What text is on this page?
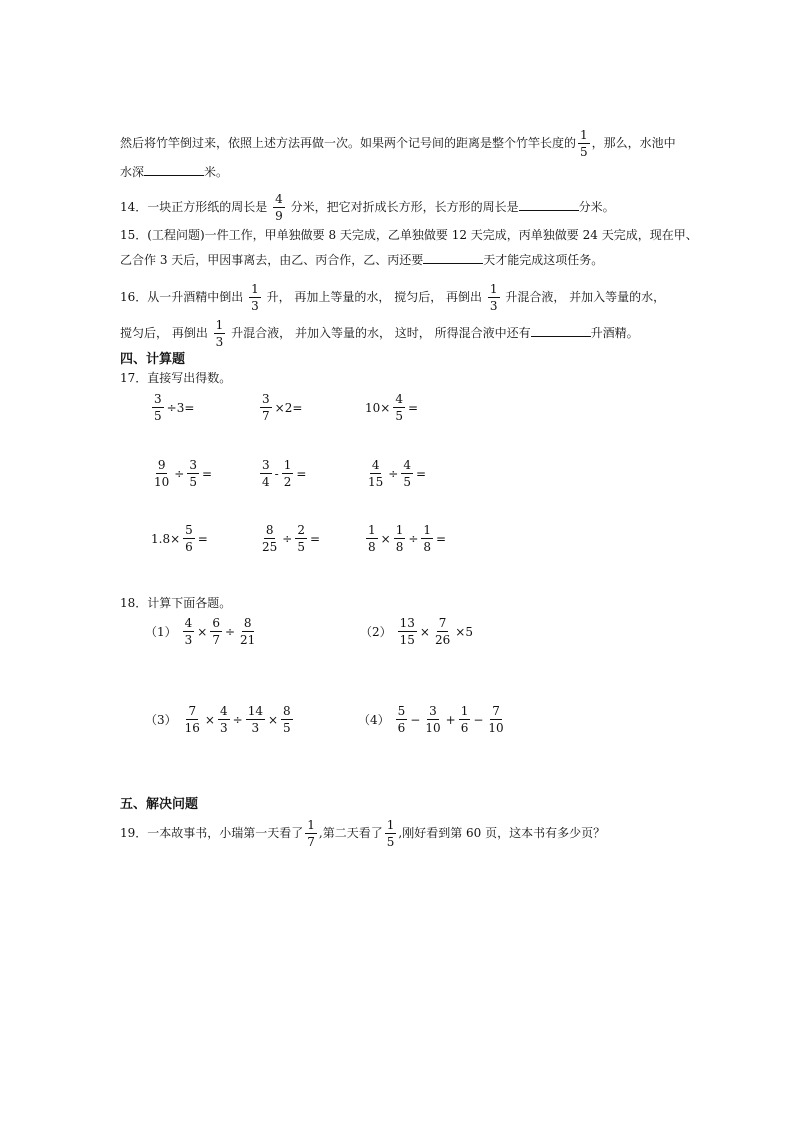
然后将竹竿倒过来，依照上述方法再做一次。如果两个记号间的距离是整个竹竿长度的 $\frac{1}{5}$ ，那么，水池中
水深	米。
14．一块正方形纸的周长是 $\frac{4}{9}$ 分米，把它对折成长方形，长方形的周长是	分米。
15．(工程问题)一件工作，甲单独做要 8 天完成，乙单独做要 12 天完成，丙单独做要 24 天完成，现在甲、
乙合作 3 天后，甲因事离去，由乙、丙合作，乙、丙还要	天才能完成这项任务。
16．从一升酒精中倒出 $\frac{1}{3}$ 升， 再加上等量的水， 搅匀后， 再倒出 $\frac{1}{3}$ 升混合液， 并加入等量的水，
搅匀后， 再倒出 $\frac{1}{3}$ 升混合液， 并加入等量的水， 这时， 所得混合液中还有	升酒精。
四、计算题
17．直接写出得数。
$\frac{3}{5} \div 3=$	$\frac{3}{7} \times 2=$	$10\times \frac{4}{5}$ =
$\frac{9}{10} \div \frac{3}{5}$ =	$\frac{3}{4} - \frac{1}{2}$ =	$\frac{4}{15} \div \frac{4}{5}$ =
$1.8\times \frac{5}{6}$ =	$\frac{8}{25} \div \frac{2}{5}$ =	$\frac{1}{8} \times \frac{1}{8} \div \frac{1}{8}$ =
18．计算下面各题。
$(1) \frac{4}{3} \times \frac{6}{7} \div \frac{8}{21}$	$(2) \frac{13}{15} \times \frac{7}{26} \times 5$
$(3) \frac{7}{16} \times \frac{4}{3} \div \frac{14}{3} \times \frac{8}{5}$	$(4) \frac{5}{6} - \frac{3}{10} + \frac{1}{6} - \frac{7}{10}$
五、解决问题
19．一本故事书，小瑞第一天看了 $\frac{1}{7}$ ,第二天看了 $\frac{1}{5}$ ,刚好看到第 60 页，这本书有多少页？
